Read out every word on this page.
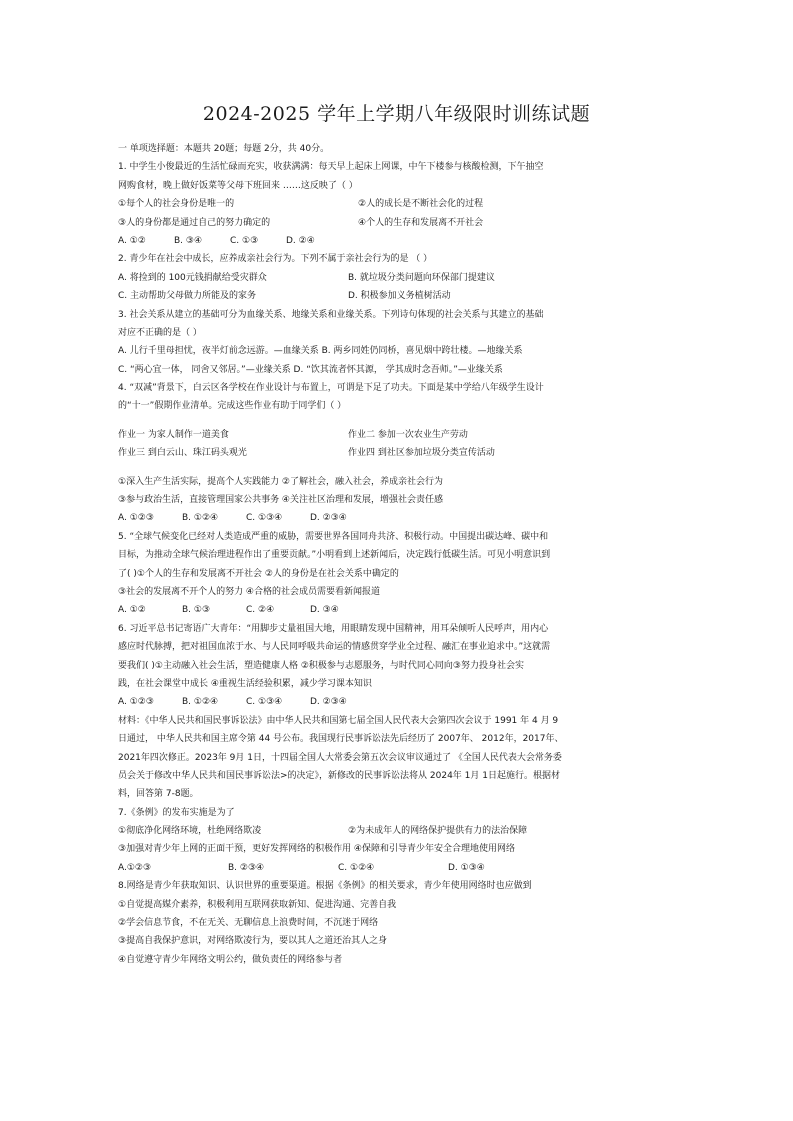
2024-2025 学年上学期八年级限时训练试题
一 单项选择题：本题共 20题；每题 2分，共 40分。
1. 中学生小俊最近的生活忙碌而充实，收获满满：每天早上起床上网课，中午下楼参与核酸检测，下午抽空
网购食材，晚上做好饭菜等父母下班回来 ……这反映了（ ）
①每个人的社会身份是唯一的	②人的成长是不断社会化的过程
③人的身份都是通过自己的努力确定的	④个人的生存和发展离不开社会
A. ①②	B. ③④	C. ①③	D. ②④
2. 青少年在社会中成长，应养成亲社会行为。下列不属于亲社会行为的是 （ ）
A. 将捡到的 100元钱捐献给受灾群众	B. 就垃圾分类问题向环保部门提建议
C. 主动帮助父母做力所能及的家务	D. 积极参加义务植树活动
3. 社会关系从建立的基础可分为血缘关系、地缘关系和业缘关系。下列诗句体现的社会关系与其建立的基础
对应不正确的是（ ）
A. 儿行千里母担忧，夜半灯前念远游。—血缘关系 B. 两乡同姓仍同桥，喜见烟中跨壮楼。—地缘关系
C. “两心宜一体， 同舍又邻居。”—业缘关系 D. “饮其流者怀其源， 学其成时念吾师。”—业缘关系
4. “双减”背景下，白云区各学校在作业设计与布置上，可谓是下足了功夫。下面是某中学给八年级学生设计
的“十一”假期作业清单。完成这些作业有助于同学们（ ）
作业一 为家人制作一道美食	作业二 参加一次农业生产劳动
作业三 到白云山、珠江码头观光	作业四 到社区参加垃圾分类宣传活动
①深入生产生活实际，提高个人实践能力 ②了解社会，融入社会，养成亲社会行为
③参与政治生活，直接管理国家公共事务 ④关注社区治理和发展，增强社会责任感
A. ①②③	B. ①②④	C. ①③④	D. ②③④
5. “全球气候变化已经对人类造成严重的威胁，需要世界各国同舟共济、积极行动。中国提出碳达峰、碳中和
目标，为推动全球气候治理进程作出了重要贡献。”小明看到上述新闻后，决定践行低碳生活。可见小明意识到
了( )①个人的生存和发展离不开社会 ②人的身份是在社会关系中确定的
③社会的发展离不开个人的努力 ④合格的社会成员需要看新闻报道
A. ①②	B. ①③	C. ②④	D. ③④
6. 习近平总书记寄语广大青年：“用脚步丈量祖国大地，用眼睛发现中国精神，用耳朵倾听人民呼声，用内心
感应时代脉搏，把对祖国血浓于水、与人民同呼吸共命运的情感贯穿学业全过程、融汇在事业追求中。”这就需
要我们( )①主动融入社会生活，塑造健康人格 ②积极参与志愿服务，与时代同心同向③努力投身社会实
践，在社会课堂中成长 ④重视生活经验积累，减少学习课本知识
A. ①②③	B. ①②④	C. ①③④	D. ②③④
材料：《中华人民共和国民事诉讼法》由中华人民共和国第七届全国人民代表大会第四次会议于 1991 年 4 月 9
日通过， 中华人民共和国主席令第 44 号公布。我国现行民事诉讼法先后经历了 2007年、 2012年，2017年、
2021年四次修正。2023年 9月 1日，十四届全国人大常委会第五次会议审议通过了 《全国人民代表大会常务委
员会关于修改中华人民共和国民事诉讼法>的决定》，新修改的民事诉讼法将从 2024年 1月 1日起施行。根据材
料，回答第 7-8题。
7.《条例》的发布实施是为了
①彻底净化网络环境，杜绝网络欺凌	②为未成年人的网络保护提供有力的法治保障
③加强对青少年上网的正面干预，更好发挥网络的积极作用 ④保障和引导青少年安全合理地使用网络
A.①②③	B. ②③④	C. ①②④	D. ①③④
8.网络是青少年获取知识、认识世界的重要渠道。根据《条例》的相关要求，青少年使用网络时也应做到
①自觉提高媒介素养，积极利用互联网获取新知、促进沟通、完善自我
②学会信息节食，不在无关、无聊信息上浪费时间，不沉迷于网络
③提高自我保护意识，对网络欺凌行为，要以其人之道还治其人之身
④自觉遵守青少年网络文明公约，做负责任的网络参与者
